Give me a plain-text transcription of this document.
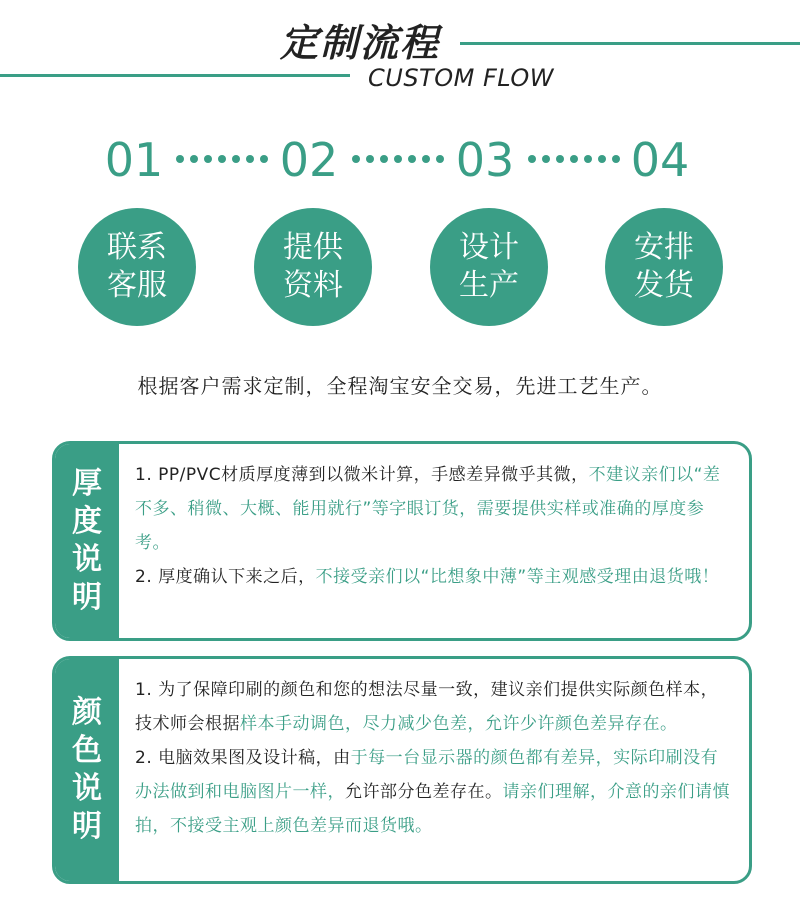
定制流程
CUSTOM FLOW
01	02	03	04
联系
客服
提供
资料
设计
生产
安排
发货
根据客户需求定制，全程淘宝安全交易，先进工艺生产。
厚
度
说
明
1. PP/PVC材质厚度薄到以微米计算，手感差异微乎其微，不建议亲们以“差不多、稍微、大概、能用就行”等字眼订货，需要提供实样或准确的厚度参考。
2. 厚度确认下来之后，不接受亲们以“比想象中薄”等主观感受理由退货哦！
颜
色
说
明
1. 为了保障印刷的颜色和您的想法尽量一致，建议亲们提供实际颜色样本，技术师会根据样本手动调色，尽力减少色差，允许少许颜色差异存在。
2. 电脑效果图及设计稿，由于每一台显示器的颜色都有差异，实际印刷没有办法做到和电脑图片一样，允许部分色差存在。请亲们理解，介意的亲们请慎拍，不接受主观上颜色差异而退货哦。
